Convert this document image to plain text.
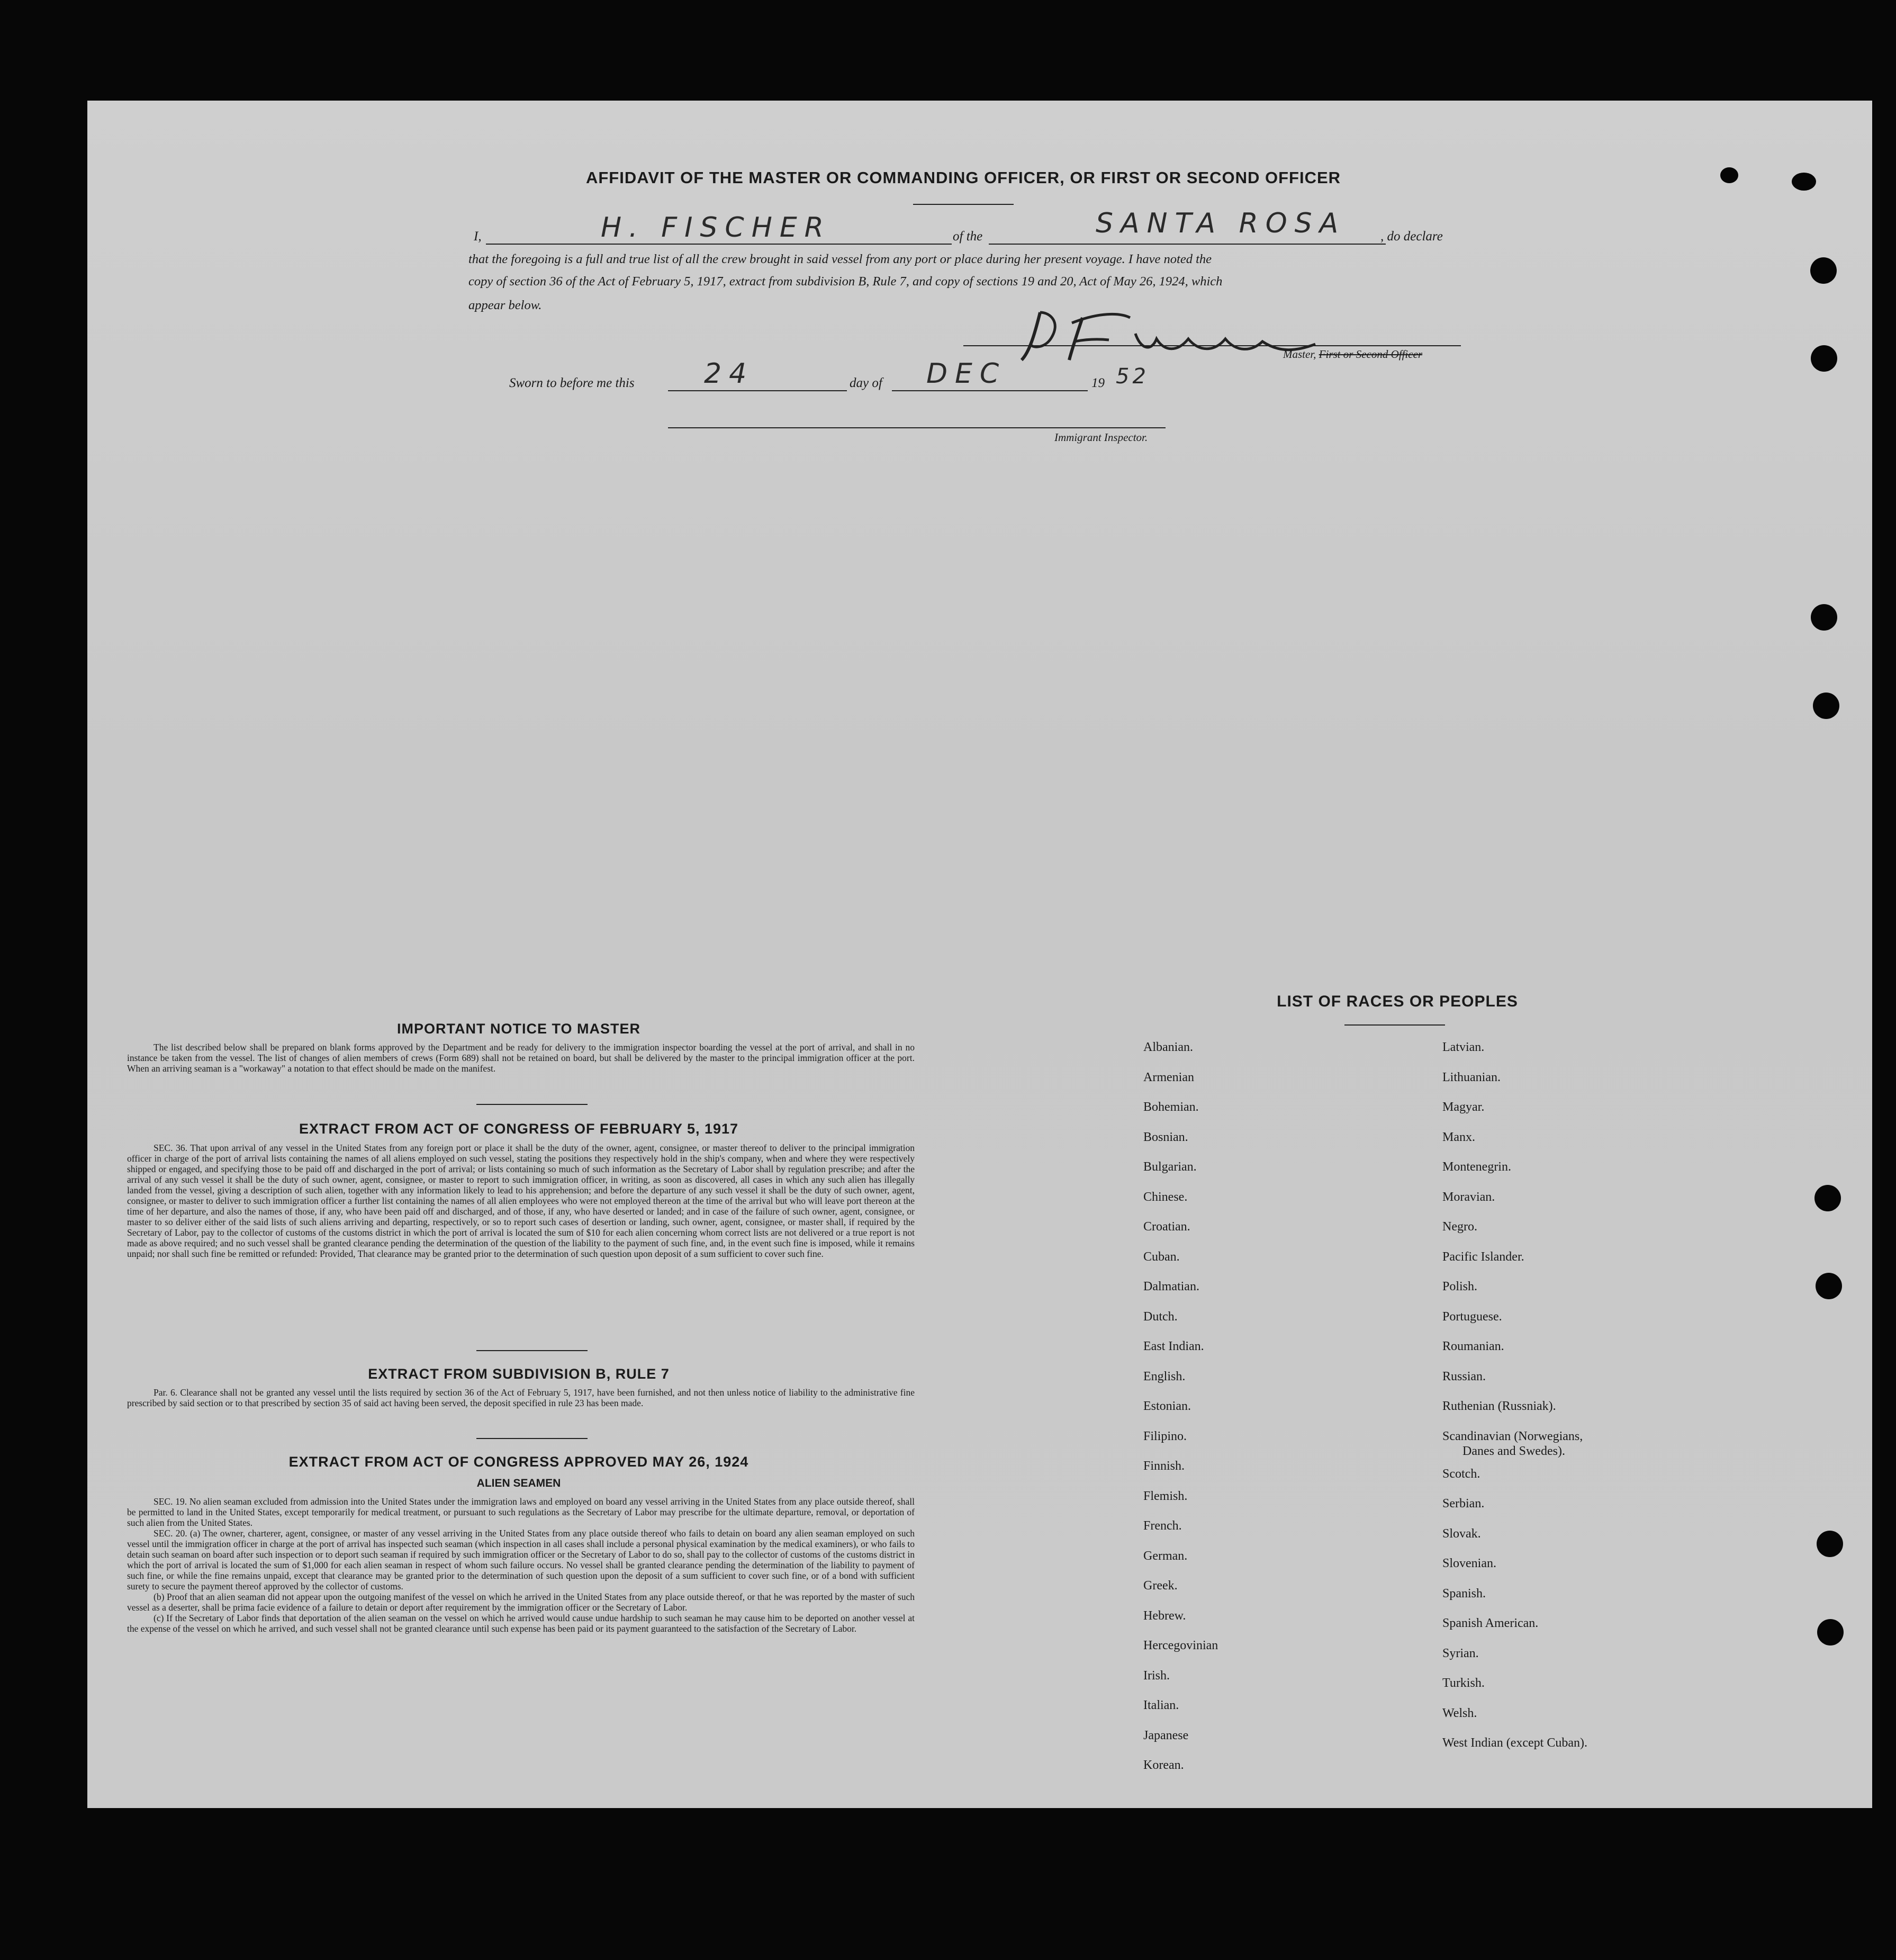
AFFIDAVIT OF THE MASTER OR COMMANDING OFFICER, OR FIRST OR SECOND OFFICER
I,	H. FISCHER	of the	SANTA ROSA	, do declare
that the foregoing is a full and true list of all the crew brought in said vessel from any port or place during her present voyage. I have noted the
copy of section 36 of the Act of February 5, 1917, extract from subdivision B, Rule 7, and copy of sections 19 and 20, Act of May 26, 1924, which
appear below.
Master, First or Second Officer
Sworn to before me this	24	day of DEC	19 52
Immigrant Inspector.
IMPORTANT NOTICE TO MASTER

The list described below shall be prepared on blank forms approved by the Department and be ready for delivery to the immigration inspector boarding the vessel at the port of arrival, and shall in no instance be taken from the vessel. The list of changes of alien members of crews (Form 689) shall not be retained on board, but shall be delivered by the master to the principal immigration officer at the port. When an arriving seaman is a "workaway" a notation to that effect should be made on the manifest.

EXTRACT FROM ACT OF CONGRESS OF FEBRUARY 5, 1917

SEC. 36. That upon arrival of any vessel in the United States from any foreign port or place it shall be the duty of the owner, agent, consignee, or master thereof to deliver to the principal immigration officer in charge of the port of arrival lists containing the names of all aliens employed on such vessel, stating the positions they respectively hold in the ship's company, when and where they were respectively shipped or engaged, and specifying those to be paid off and discharged in the port of arrival; or lists containing so much of such information as the Secretary of Labor shall by regulation prescribe; and after the arrival of any such vessel it shall be the duty of such owner, agent, consignee, or master to report to such immigration officer, in writing, as soon as discovered, all cases in which any such alien has illegally landed from the vessel, giving a description of such alien, together with any information likely to lead to his apprehension; and before the departure of any such vessel it shall be the duty of such owner, agent, consignee, or master to deliver to such immigration officer a further list containing the names of all alien employees who were not employed thereon at the time of the arrival but who will leave port thereon at the time of her departure, and also the names of those, if any, who have been paid off and discharged, and of those, if any, who have deserted or landed; and in case of the failure of such owner, agent, consignee, or master to so deliver either of the said lists of such aliens arriving and departing, respectively, or so to report such cases of desertion or landing, such owner, agent, consignee, or master shall, if required by the Secretary of Labor, pay to the collector of customs of the customs district in which the port of arrival is located the sum of $10 for each alien concerning whom correct lists are not delivered or a true report is not made as above required; and no such vessel shall be granted clearance pending the determination of the question of the liability to the payment of such fine, and, in the event such fine is imposed, while it remains unpaid; nor shall such fine be remitted or refunded: Provided, That clearance may be granted prior to the determination of such question upon deposit of a sum sufficient to cover such fine.

EXTRACT FROM SUBDIVISION B, RULE 7

Par. 6. Clearance shall not be granted any vessel until the lists required by section 36 of the Act of February 5, 1917, have been furnished, and not then unless notice of liability to the administrative fine prescribed by said section or to that prescribed by section 35 of said act having been served, the deposit specified in rule 23 has been made.

EXTRACT FROM ACT OF CONGRESS APPROVED MAY 26, 1924
ALIEN SEAMEN

SEC. 19. No alien seaman excluded from admission into the United States under the immigration laws and employed on board any vessel arriving in the United States from any place outside thereof, shall be permitted to land in the United States, except temporarily for medical treatment, or pursuant to such regulations as the Secretary of Labor may prescribe for the ultimate departure, removal, or deportation of such alien from the United States.

SEC. 20. (a) The owner, charterer, agent, consignee, or master of any vessel arriving in the United States from any place outside thereof who fails to detain on board any alien seaman employed on such vessel until the immigration officer in charge at the port of arrival has inspected such seaman (which inspection in all cases shall include a personal physical examination by the medical examiners), or who fails to detain such seaman on board after such inspection or to deport such seaman if required by such immigration officer or the Secretary of Labor to do so, shall pay to the collector of customs of the customs district in which the port of arrival is located the sum of $1,000 for each alien seaman in respect of whom such failure occurs. No vessel shall be granted clearance pending the determination of the liability to payment of such fine, or while the fine remains unpaid, except that clearance may be granted prior to the determination of such question upon the deposit of a sum sufficient to cover such fine, or of a bond with sufficient surety to secure the payment thereof approved by the collector of customs.

(b) Proof that an alien seaman did not appear upon the outgoing manifest of the vessel on which he arrived in the United States from any place outside thereof, or that he was reported by the master of such vessel as a deserter, shall be prima facie evidence of a failure to detain or deport after requirement by the immigration officer or the Secretary of Labor.

(c) If the Secretary of Labor finds that deportation of the alien seaman on the vessel on which he arrived would cause undue hardship to such seaman he may cause him to be deported on another vessel at the expense of the vessel on which he arrived, and such vessel shall not be granted clearance until such expense has been paid or its payment guaranteed to the satisfaction of the Secretary of Labor.

LIST OF RACES OR PEOPLES
Albanian.
Armenian
Bohemian.
Bosnian.
Bulgarian.
Chinese.
Croatian.
Cuban.
Dalmatian.
Dutch.
East Indian.
English.
Estonian.
Filipino.
Finnish.
Flemish.
French.
German.
Greek.
Hebrew.
Hercegovinian
Irish.
Italian.
Japanese
Korean.
Latvian.
Lithuanian.
Magyar.
Manx.
Montenegrin.
Moravian.
Negro.
Pacific Islander.
Polish.
Portuguese.
Roumanian.
Russian.
Ruthenian (Russniak).
Scandinavian (Norwegians,
Danes and Swedes).
Scotch.
Serbian.
Slovak.
Slovenian.
Spanish.
Spanish American.
Syrian.
Turkish.
Welsh.
West Indian (except Cuban).
